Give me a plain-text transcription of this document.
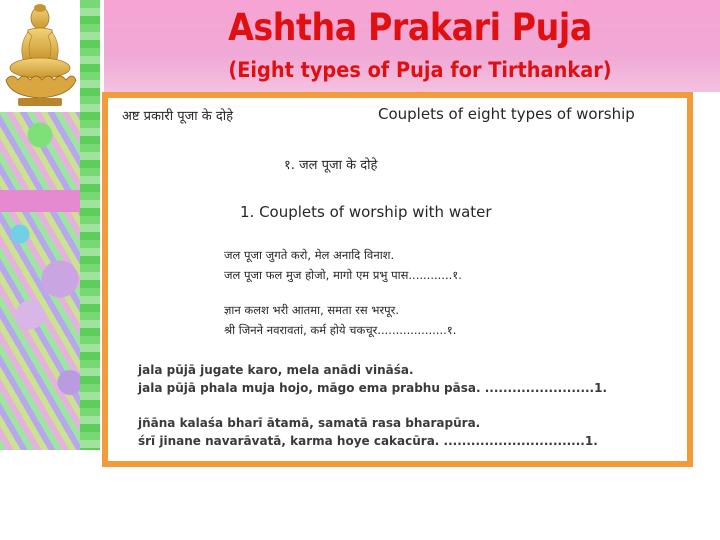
Ashtha Prakari Puja
(Eight types of Puja for Tirthankar)
अष्ट प्रकारी पूजा के दोहे	Couplets of eight types of worship
१. जल पूजा के दोहे
1. Couplets of worship with water
जल पूजा जुगते करो, मेल अनादि विनाश.
जल पूजा फल मुज होजो, मागो एम प्रभु पास............१.
ज्ञान कलश भरी आतमा, समता रस भरपूर.
श्री जिनने नवरावतां, कर्म होये चकचूर...................१.
jala pūjā jugate karo, mela anādi vināśa.
jala pūjā phala muja hojo, māgo ema prabhu pāsa. ........................1.
jñāna kalaśa bharī ātamā, samatā rasa bharapūra.
śrī jinane navarāvatā, karma hoye cakacūra. ...............................1.
